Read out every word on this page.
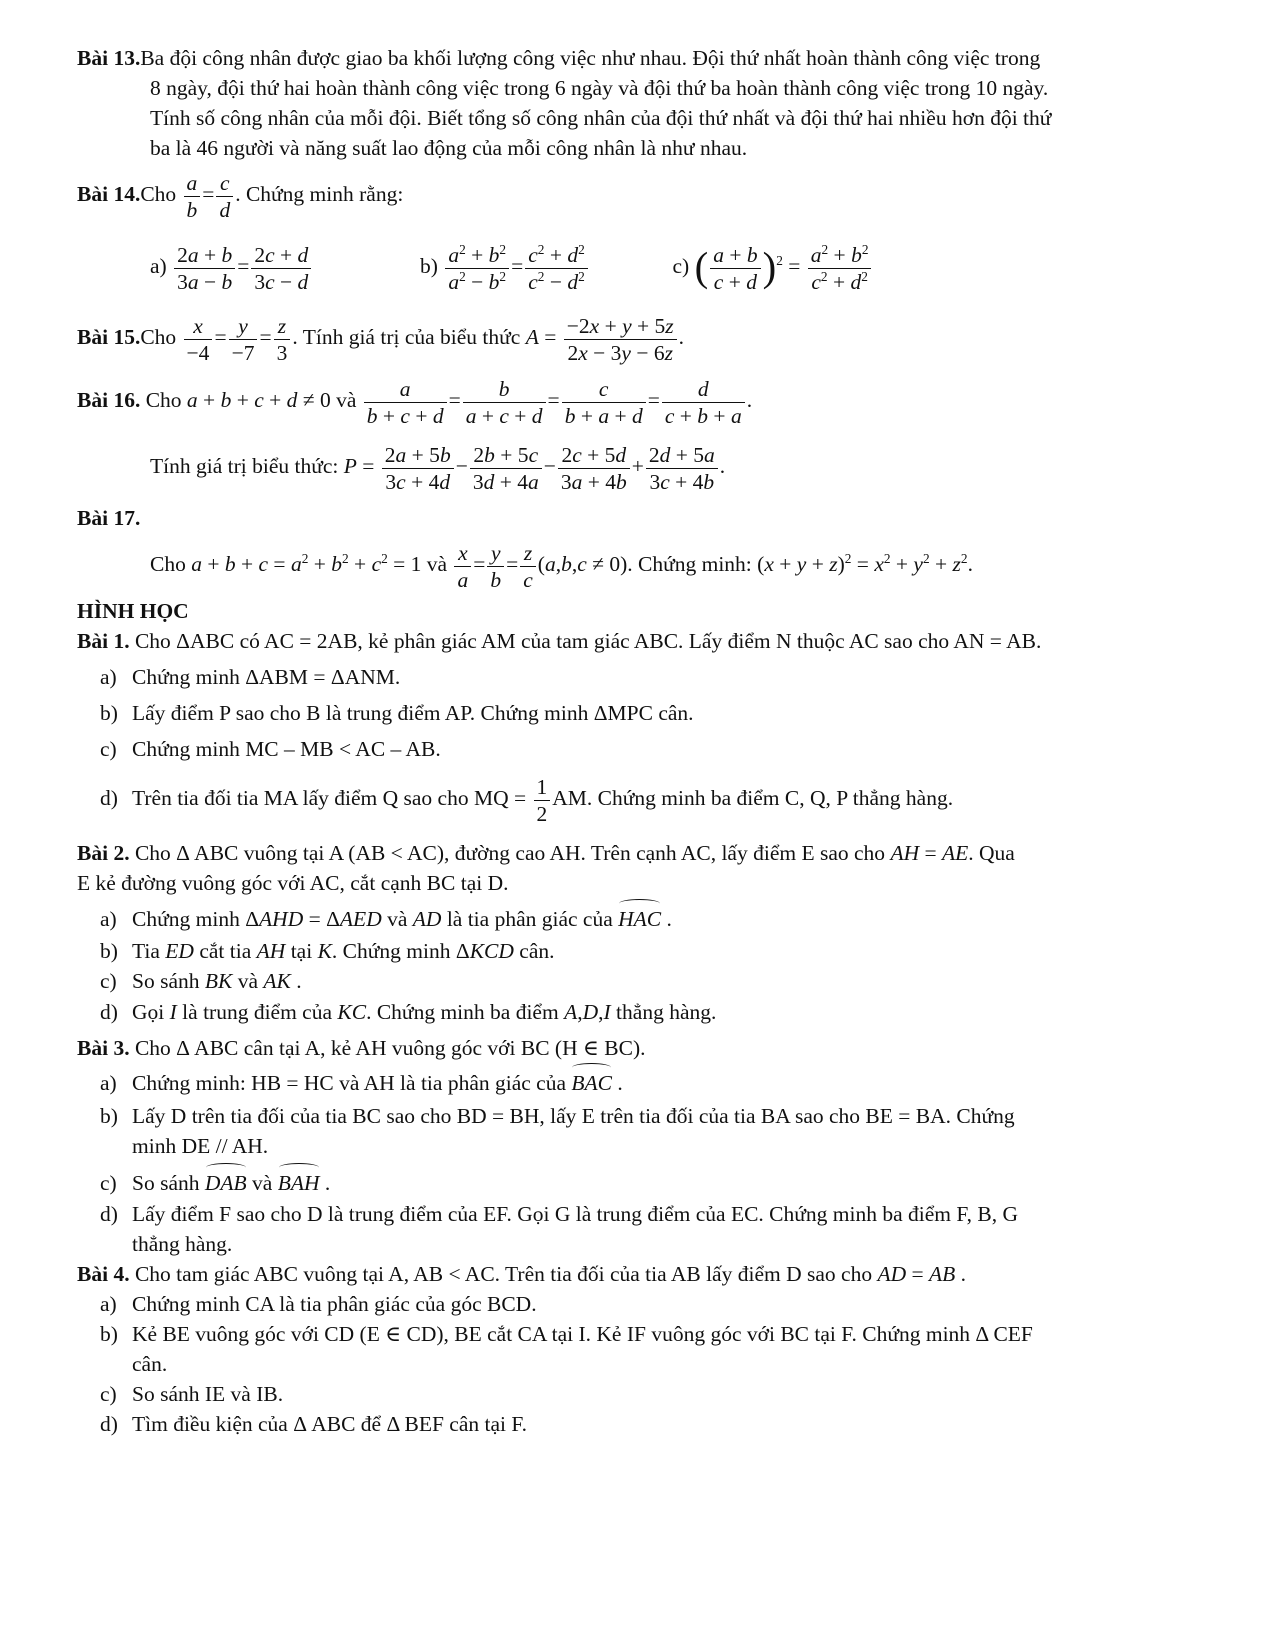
Bài 13.Ba đội công nhân được giao ba khối lượng công việc như nhau. Đội thứ nhất hoàn thành công việc trong
8 ngày, đội thứ hai hoàn thành công việc trong 6 ngày và đội thứ ba hoàn thành công việc trong 10 ngày.
Tính số công nhân của mỗi đội. Biết tổng số công nhân của đội thứ nhất và đội thứ hai nhiều hơn đội thứ
ba là 46 người và năng suất lao động của mỗi công nhân là như nhau.
Bài $14.Cho \frac{a}{b} = \frac{c}{d}$ . Chứng minh rằng:
$a) \frac{2a + b}{3a - b} = \frac{2c + d}{3c - d}$	$b) \frac{a^2 + b^2}{a^2 - b^2} = \frac{c^2 + d^2}{c^2 - d^2}$	c) ( $\frac{a + b}{c + d} )^2 = \frac{a^2 + b^2}{c^2 + d^2}$
Bài $15.Cho \frac{x}{-4} = \frac{y}{-7} = \frac{z}{3}$ . Tính giá trị của biểu thức $A = \frac{-2x + y + 5z}{2x - 3y - 6z}$ .
Bài 16. Cho a + b + c + d ≠ 0 và $\frac{a}{b + c + d} = \frac{b}{a + c + d} = \frac{c}{b + a + d} = \frac{d}{c + b + a}$ .
Tính giá trị biểu thức: $P = \frac{2a + 5b}{3c + 4d} - \frac{2b + 5c}{3d + 4a} - \frac{2c + 5d}{3a + 4b} + \frac{2d + 5a}{3c + 4b}$ .
Bài 17.
Cho $a + b + c = a^2 + b^2 + c^2 = 1$ và $\frac{x}{a} = \frac{y}{b} = \frac{z}{c} (a,b,c \ne 0)$. Chứng minh: $(x + y + z)^2 = x^2 + y^2 + z^2$.
HÌNH HỌC
Bài 1. Cho ΔABC có AC = 2AB, kẻ phân giác AM của tam giác ABC. Lấy điểm N thuộc AC sao cho AN = AB.
a) Chứng minh ΔABM = ΔANM.
b) Lấy điểm P sao cho B là trung điểm AP. Chứng minh ΔMPC cân.
c) Chứng minh MC – MB < AC – AB.
d) Trên tia đối tia MA lấy điểm Q sao cho MQ = $\frac{1}{2}$ AM. Chứng minh ba điểm C, Q, P thẳng hàng.
Bài 2. Cho Δ ABC vuông tại A (AB < AC), đường cao AH. Trên cạnh AC, lấy điểm E sao cho AH = AE. Qua
E kẻ đường vuông góc với AC, cắt cạnh BC tại D.
a) Chứng minh ΔAHD = ΔAED và AD là tia phân giác của HAC .
b) Tia ED cắt tia AH tại K. Chứng minh ΔKCD cân.
c) So sánh BK và AK .
d) Gọi I là trung điểm của KC. Chứng minh ba điểm A,D,I thẳng hàng.
Bài 3. Cho Δ ABC cân tại A, kẻ AH vuông góc với BC (H ∈ BC).
a) Chứng minh: HB = HC và AH là tia phân giác của BAC .
b) Lấy D trên tia đối của tia BC sao cho BD = BH, lấy E trên tia đối của tia BA sao cho BE = BA. Chứng
minh DE // AH.
c) So sánh DAB và BAH .
d) Lấy điểm F sao cho D là trung điểm của EF. Gọi G là trung điểm của EC. Chứng minh ba điểm F, B, G
thẳng hàng.
Bài 4. Cho tam giác ABC vuông tại A, AB < AC. Trên tia đối của tia AB lấy điểm D sao cho AD = AB .
a) Chứng minh CA là tia phân giác của góc BCD.
b) Kẻ BE vuông góc với CD (E ∈ CD), BE cắt CA tại I. Kẻ IF vuông góc với BC tại F. Chứng minh Δ CEF
cân.
c) So sánh IE và IB.
d) Tìm điều kiện của Δ ABC để Δ BEF cân tại F.
